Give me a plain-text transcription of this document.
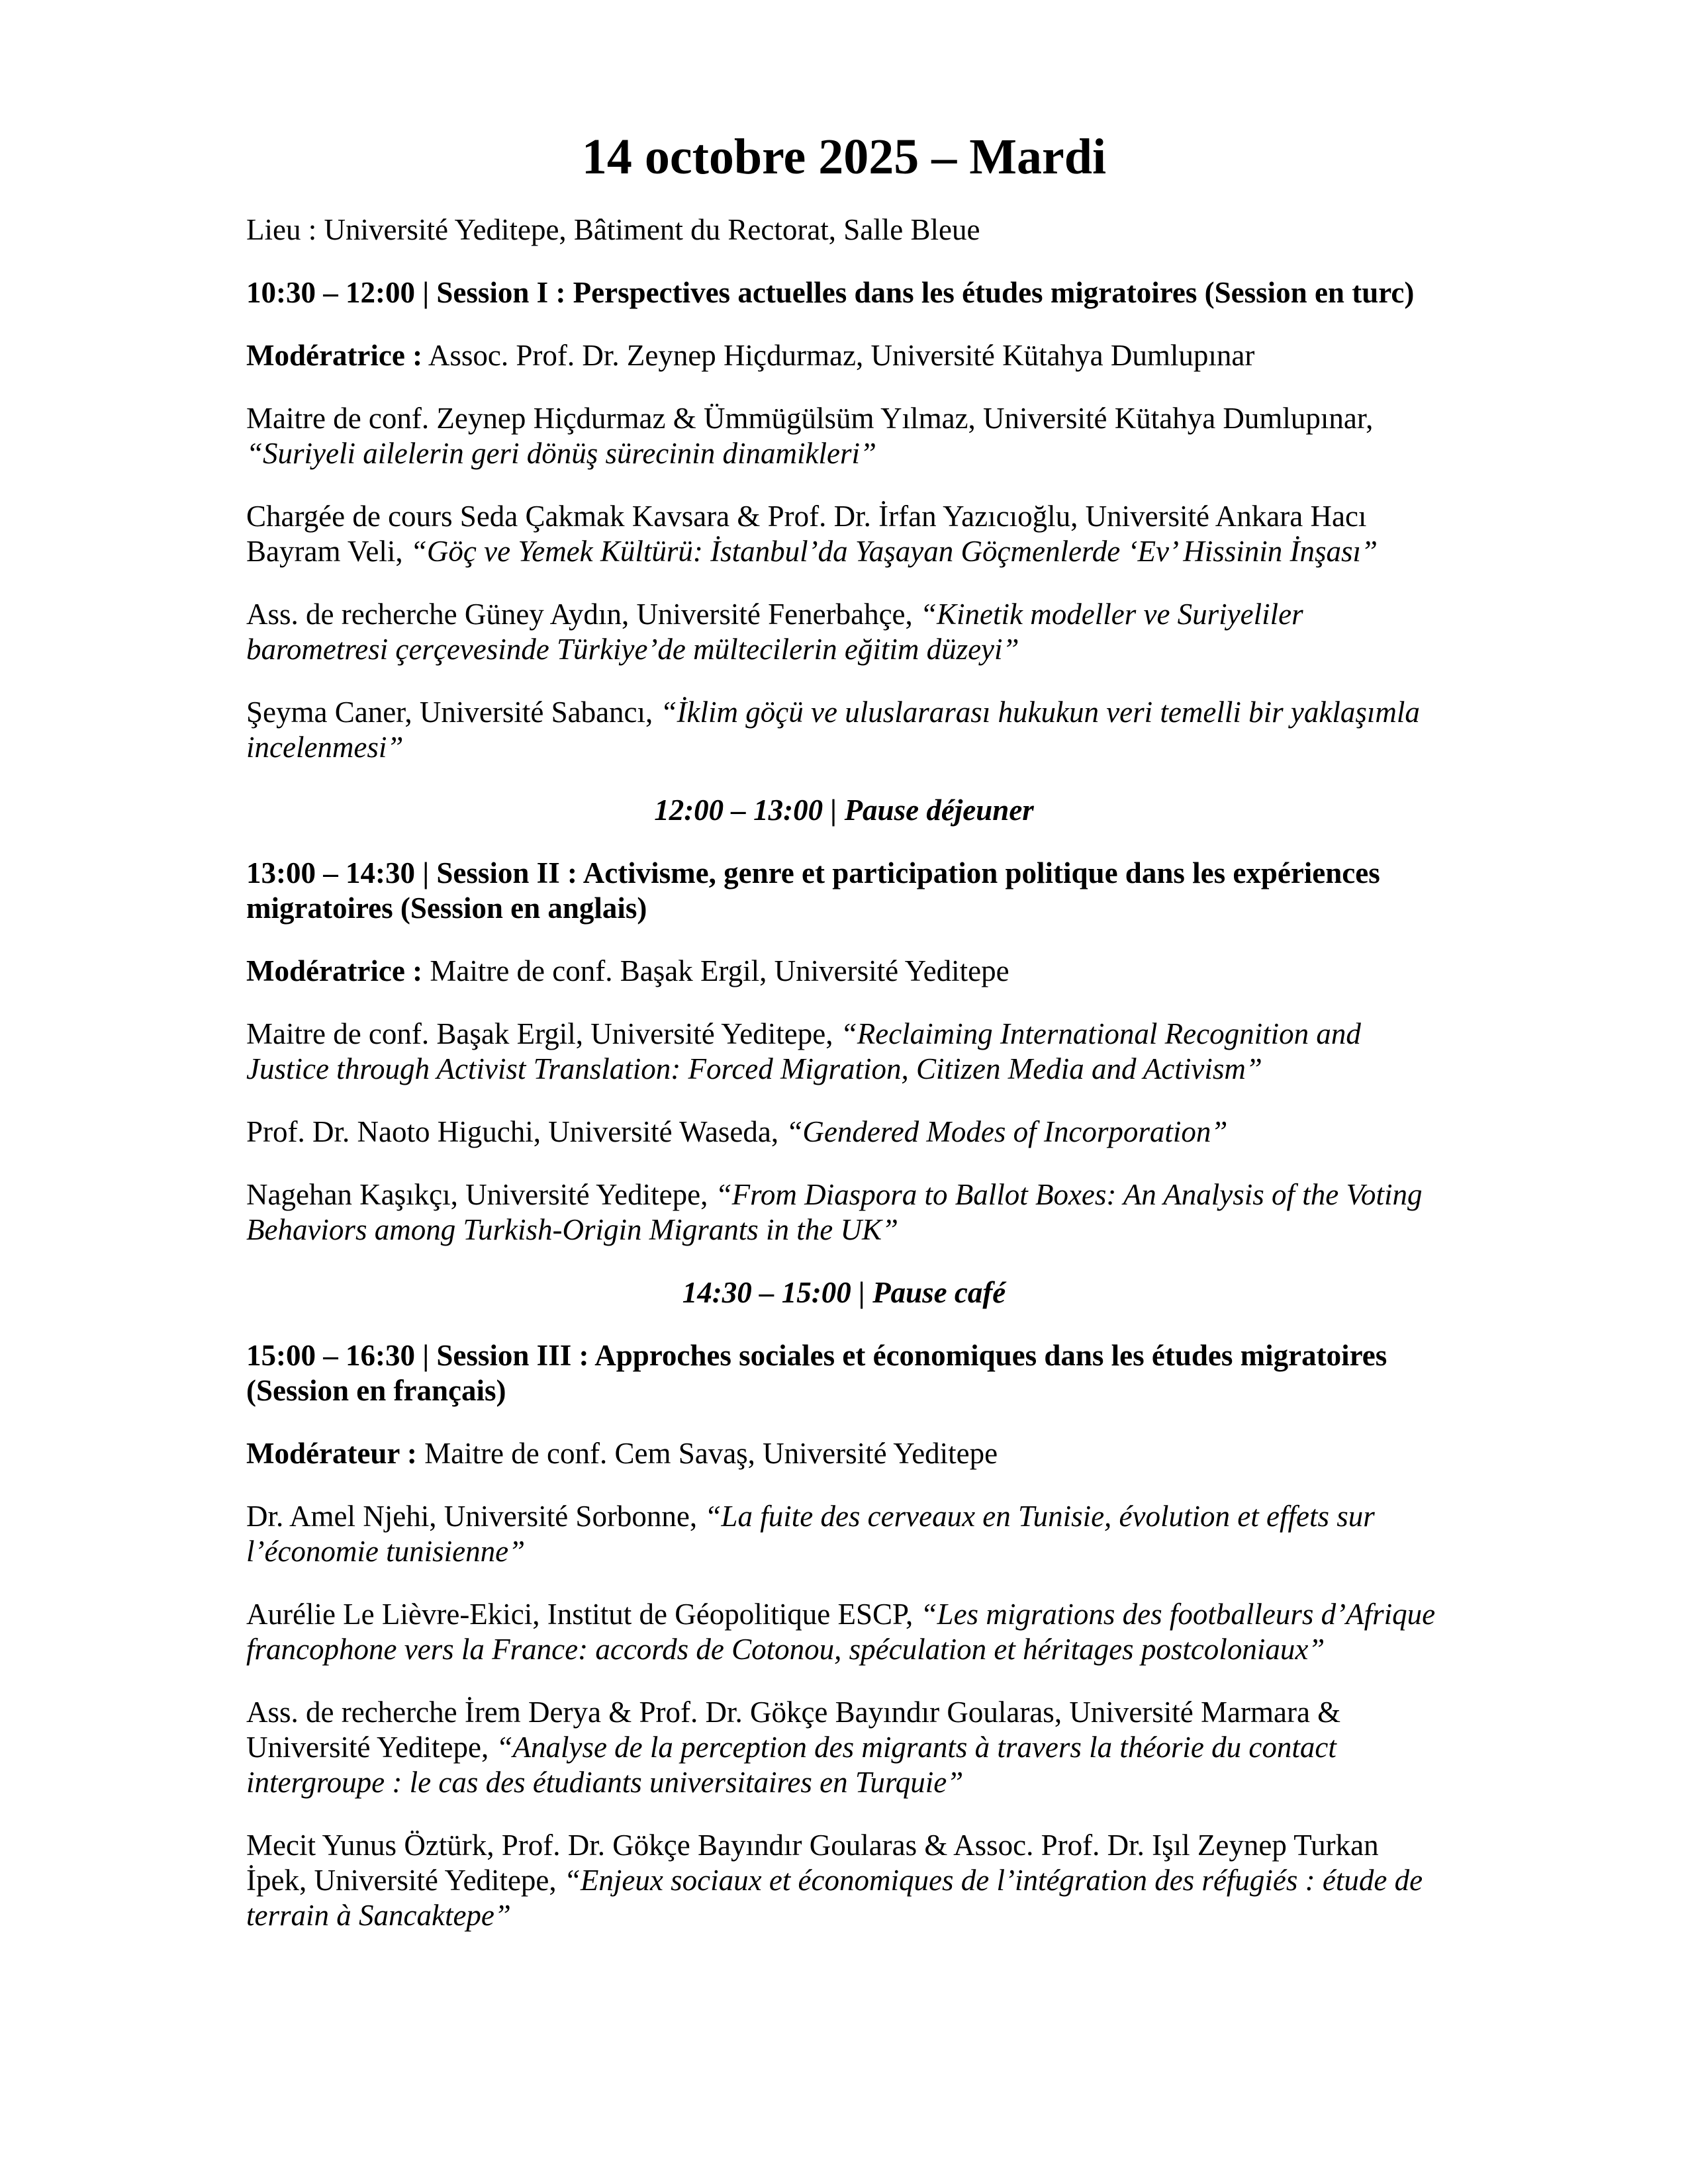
14 octobre 2025 – Mardi

Lieu : Université Yeditepe, Bâtiment du Rectorat, Salle Bleue

10:30 – 12:00 | Session I : Perspectives actuelles dans les études migratoires (Session en turc)

Modératrice : Assoc. Prof. Dr. Zeynep Hiçdurmaz, Université Kütahya Dumlupınar

Maitre de conf. Zeynep Hiçdurmaz & Ümmügülsüm Yılmaz, Université Kütahya Dumlupınar, “Suriyeli ailelerin geri dönüş sürecinin dinamikleri”

Chargée de cours Seda Çakmak Kavsara & Prof. Dr. İrfan Yazıcıoğlu, Université Ankara Hacı Bayram Veli, “Göç ve Yemek Kültürü: İstanbul’da Yaşayan Göçmenlerde ‘Ev’ Hissinin İnşası”

Ass. de recherche Güney Aydın, Université Fenerbahçe, “Kinetik modeller ve Suriyeliler barometresi çerçevesinde Türkiye’de mültecilerin eğitim düzeyi”

Şeyma Caner, Université Sabancı, “İklim göçü ve uluslararası hukukun veri temelli bir yaklaşımla incelenmesi”

12:00 – 13:00 | Pause déjeuner

13:00 – 14:30 | Session II : Activisme, genre et participation politique dans les expériences migratoires (Session en anglais)

Modératrice : Maitre de conf. Başak Ergil, Université Yeditepe

Maitre de conf. Başak Ergil, Université Yeditepe, “Reclaiming International Recognition and Justice through Activist Translation: Forced Migration, Citizen Media and Activism”

Prof. Dr. Naoto Higuchi, Université Waseda, “Gendered Modes of Incorporation”

Nagehan Kaşıkçı, Université Yeditepe, “From Diaspora to Ballot Boxes: An Analysis of the Voting Behaviors among Turkish-Origin Migrants in the UK”

14:30 – 15:00 | Pause café

15:00 – 16:30 | Session III : Approches sociales et économiques dans les études migratoires (Session en français)

Modérateur : Maitre de conf. Cem Savaş, Université Yeditepe

Dr. Amel Njehi, Université Sorbonne, “La fuite des cerveaux en Tunisie, évolution et effets sur l’économie tunisienne”

Aurélie Le Lièvre-Ekici, Institut de Géopolitique ESCP, “Les migrations des footballeurs d’Afrique francophone vers la France: accords de Cotonou, spéculation et héritages postcoloniaux”

Ass. de recherche İrem Derya & Prof. Dr. Gökçe Bayındır Goularas, Université Marmara & Université Yeditepe, “Analyse de la perception des migrants à travers la théorie du contact intergroupe : le cas des étudiants universitaires en Turquie”

Mecit Yunus Öztürk, Prof. Dr. Gökçe Bayındır Goularas & Assoc. Prof. Dr. Işıl Zeynep Turkan İpek, Université Yeditepe, “Enjeux sociaux et économiques de l’intégration des réfugiés : étude de terrain à Sancaktepe”
